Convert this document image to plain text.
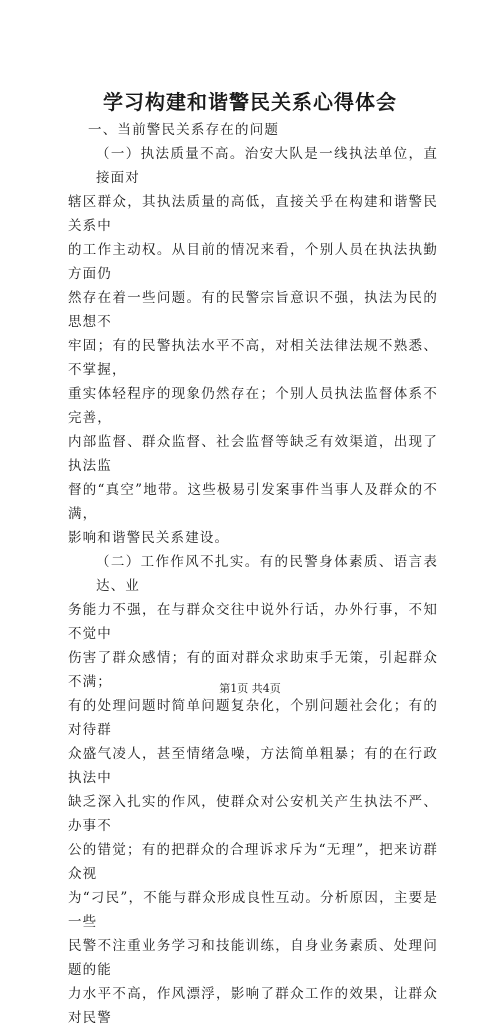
学习构建和谐警民关系心得体会

一、当前警民关系存在的问题

（一）执法质量不高。治安大队是一线执法单位，直接面对

辖区群众，其执法质量的高低，直接关乎在构建和谐警民关系中

的工作主动权。从目前的情况来看，个别人员在执法执勤方面仍

然存在着一些问题。有的民警宗旨意识不强，执法为民的思想不

牢固；有的民警执法水平不高，对相关法律法规不熟悉、不掌握，

重实体轻程序的现象仍然存在；个别人员执法监督体系不完善，

内部监督、群众监督、社会监督等缺乏有效渠道，出现了执法监

督的“真空”地带。这些极易引发案事件当事人及群众的不满，

影响和谐警民关系建设。

（二）工作作风不扎实。有的民警身体素质、语言表达、业

务能力不强，在与群众交往中说外行话，办外行事，不知不觉中

伤害了群众感情；有的面对群众求助束手无策，引起群众不满；

有的处理问题时简单问题复杂化，个别问题社会化；有的对待群

众盛气凌人，甚至情绪急噪，方法简单粗暴；有的在行政执法中

缺乏深入扎实的作风，使群众对公安机关产生执法不严、办事不

公的错觉；有的把群众的合理诉求斥为“无理”，把来访群众视

为“刁民”，不能与群众形成良性互动。分析原因，主要是一些

民警不注重业务学习和技能训练，自身业务素质、处理问题的能

力水平不高，作风漂浮，影响了群众工作的效果，让群众对民警

第1页 共4页
